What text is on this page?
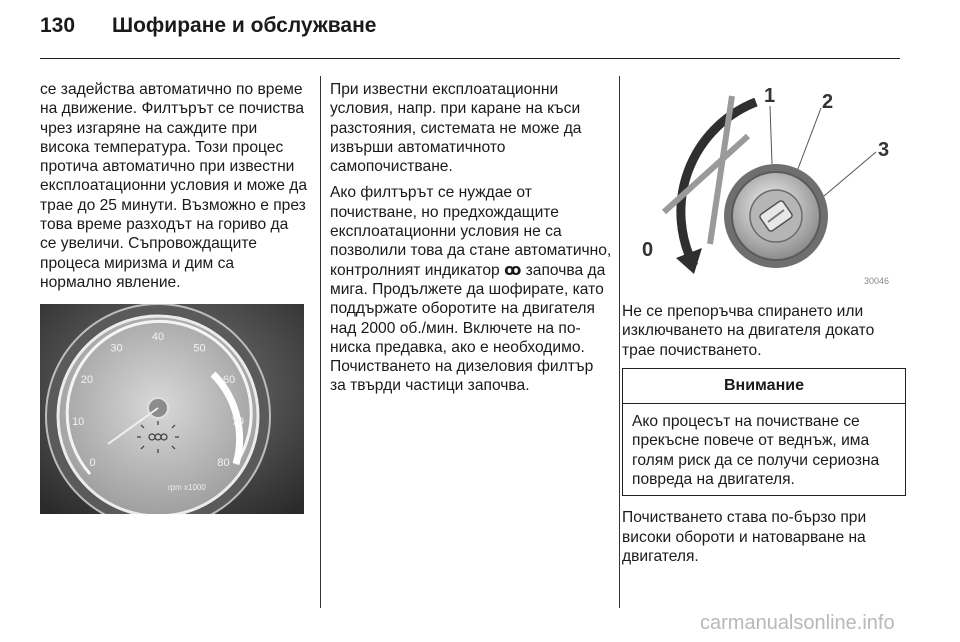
130 Шофиране и обслужване

се задейства автоматично по време на движение. Филтърът се почиства чрез изгаряне на саждите при висока температура. Този процес протича автоматично при известни експлоатационни условия и може да трае до 25 минути. Възможно е през това време разходът на гориво да се увеличи. Съпровождащите процеса миризма и дим са нормално явление.

0
10
20
30
40
50
60
70
80
rpm x1000

При известни експлоатационни условия, напр. при каране на къси разстояния, системата не може да извърши автоматичното самопочистване.

Ако филтърът се нуждае от почистване, но предхождащите експлоатационни условия не са позволили това да стане автоматично, контролният индикатор ꝏ започва да мига. Продължете да шофирате, като поддържате оборотите на двигателя над 2000 об./мин. Включете на по-ниска предавка, ако е необходимо. Почистването на дизеловия филтър за твърди частици започва.

0
1 2
3
30046

Не се препоръчва спирането или изключването на двигателя докато трае почистването.

Внимание
Ако процесът на почистване се прекъсне повече от веднъж, има голям риск да се получи сериозна повреда на двигателя.

Почистването става по-бързо при високи обороти и натоварване на двигателя.

carmanualsonline.info
